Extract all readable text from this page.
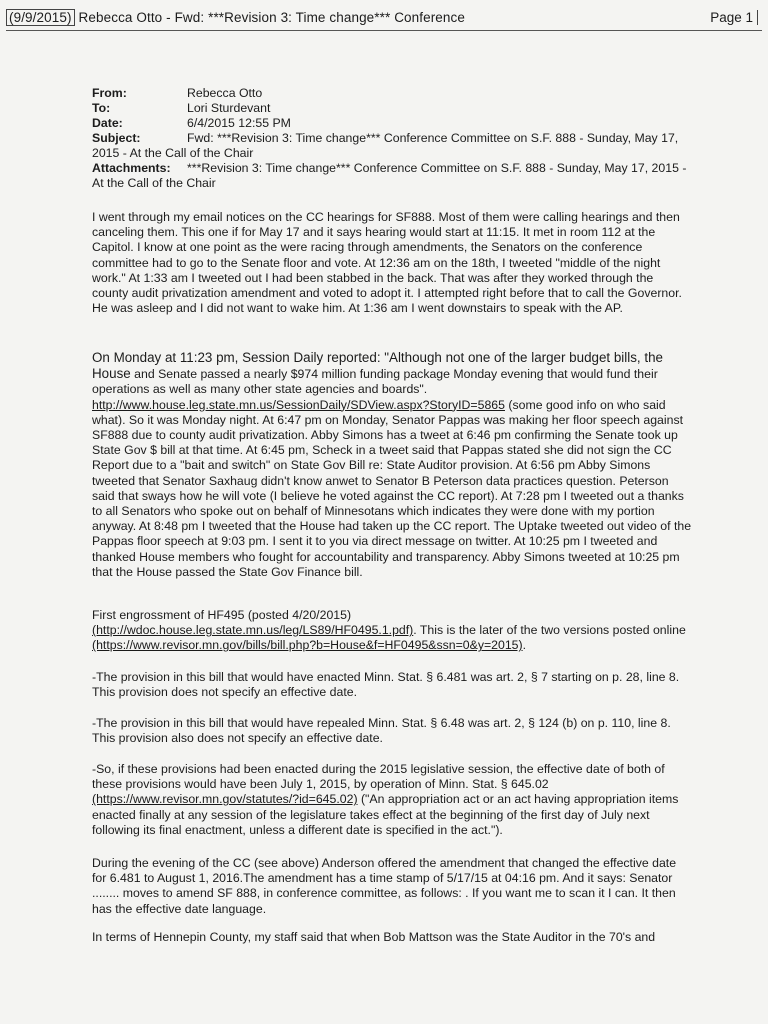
(9/9/2015) Rebecca Otto - Fwd: ***Revision 3: Time change*** Conference	Page 1
From:	Rebecca Otto
To:	Lori Sturdevant
Date:	6/4/2015 12:55 PM
Subject:	Fwd: ***Revision 3: Time change*** Conference Committee on S.F. 888 - Sunday, May 17, 2015 - At the Call of the Chair
Attachments: ***Revision 3: Time change*** Conference Committee on S.F. 888 - Sunday, May 17, 2015 - At the Call of the Chair

I went through my email notices on the CC hearings for SF888. Most of them were calling hearings and then canceling them. This one if for May 17 and it says hearing would start at 11:15. It met in room 112 at the Capitol. I know at one point as the were racing through amendments, the Senators on the conference committee had to go to the Senate floor and vote. At 12:36 am on the 18th, I tweeted "middle of the night work." At 1:33 am I tweeted out I had been stabbed in the back. That was after they worked through the county audit privatization amendment and voted to adopt it. I attempted right before that to call the Governor. He was asleep and I did not want to wake him. At 1:36 am I went downstairs to speak with the AP.

On Monday at 11:23 pm, Session Daily reported: "Although not one of the larger budget bills, the House and Senate passed a nearly $974 million funding package Monday evening that would fund their operations as well as many other state agencies and boards".
http://www.house.leg.state.mn.us/SessionDaily/SDView.aspx?StoryID=5865 (some good info on who said what). So it was Monday night. At 6:47 pm on Monday, Senator Pappas was making her floor speech against SF888 due to county audit privatization. Abby Simons has a tweet at 6:46 pm confirming the Senate took up State Gov $ bill at that time. At 6:45 pm, Scheck in a tweet said that Pappas stated she did not sign the CC Report due to a "bait and switch" on State Gov Bill re: State Auditor provision. At 6:56 pm Abby Simons tweeted that Senator Saxhaug didn't know anwet to Senator B Peterson data practices question. Peterson said that sways how he will vote (I believe he voted against the CC report). At 7:28 pm I tweeted out a thanks to all Senators who spoke out on behalf of Minnesotans which indicates they were done with my portion anyway. At 8:48 pm I tweeted that the House had taken up the CC report. The Uptake tweeted out video of the Pappas floor speech at 9:03 pm. I sent it to you via direct message on twitter. At 10:25 pm I tweeted and thanked House members who fought for accountability and transparency. Abby Simons tweeted at 10:25 pm that the House passed the State Gov Finance bill.

First engrossment of HF495 (posted 4/20/2015)
(http://wdoc.house.leg.state.mn.us/leg/LS89/HF0495.1.pdf). This is the later of the two versions posted online (https://www.revisor.mn.gov/bills/bill.php?b=House&f=HF0495&ssn=0&y=2015).

-The provision in this bill that would have enacted Minn. Stat. § 6.481 was art. 2, § 7 starting on p. 28, line 8. This provision does not specify an effective date.

-The provision in this bill that would have repealed Minn. Stat. § 6.48 was art. 2, § 124 (b) on p. 110, line 8. This provision also does not specify an effective date.

-So, if these provisions had been enacted during the 2015 legislative session, the effective date of both of these provisions would have been July 1, 2015, by operation of Minn. Stat. § 645.02 (https://www.revisor.mn.gov/statutes/?id=645.02) ("An appropriation act or an act having appropriation items enacted finally at any session of the legislature takes effect at the beginning of the first day of July next following its final enactment, unless a different date is specified in the act.").

During the evening of the CC (see above) Anderson offered the amendment that changed the effective date for 6.481 to August 1, 2016.The amendment has a time stamp of 5/17/15 at 04:16 pm. And it says: Senator ........ moves to amend SF 888, in conference committee, as follows: . If you want me to scan it I can. It then has the effective date language.

In terms of Hennepin County, my staff said that when Bob Mattson was the State Auditor in the 70's and
